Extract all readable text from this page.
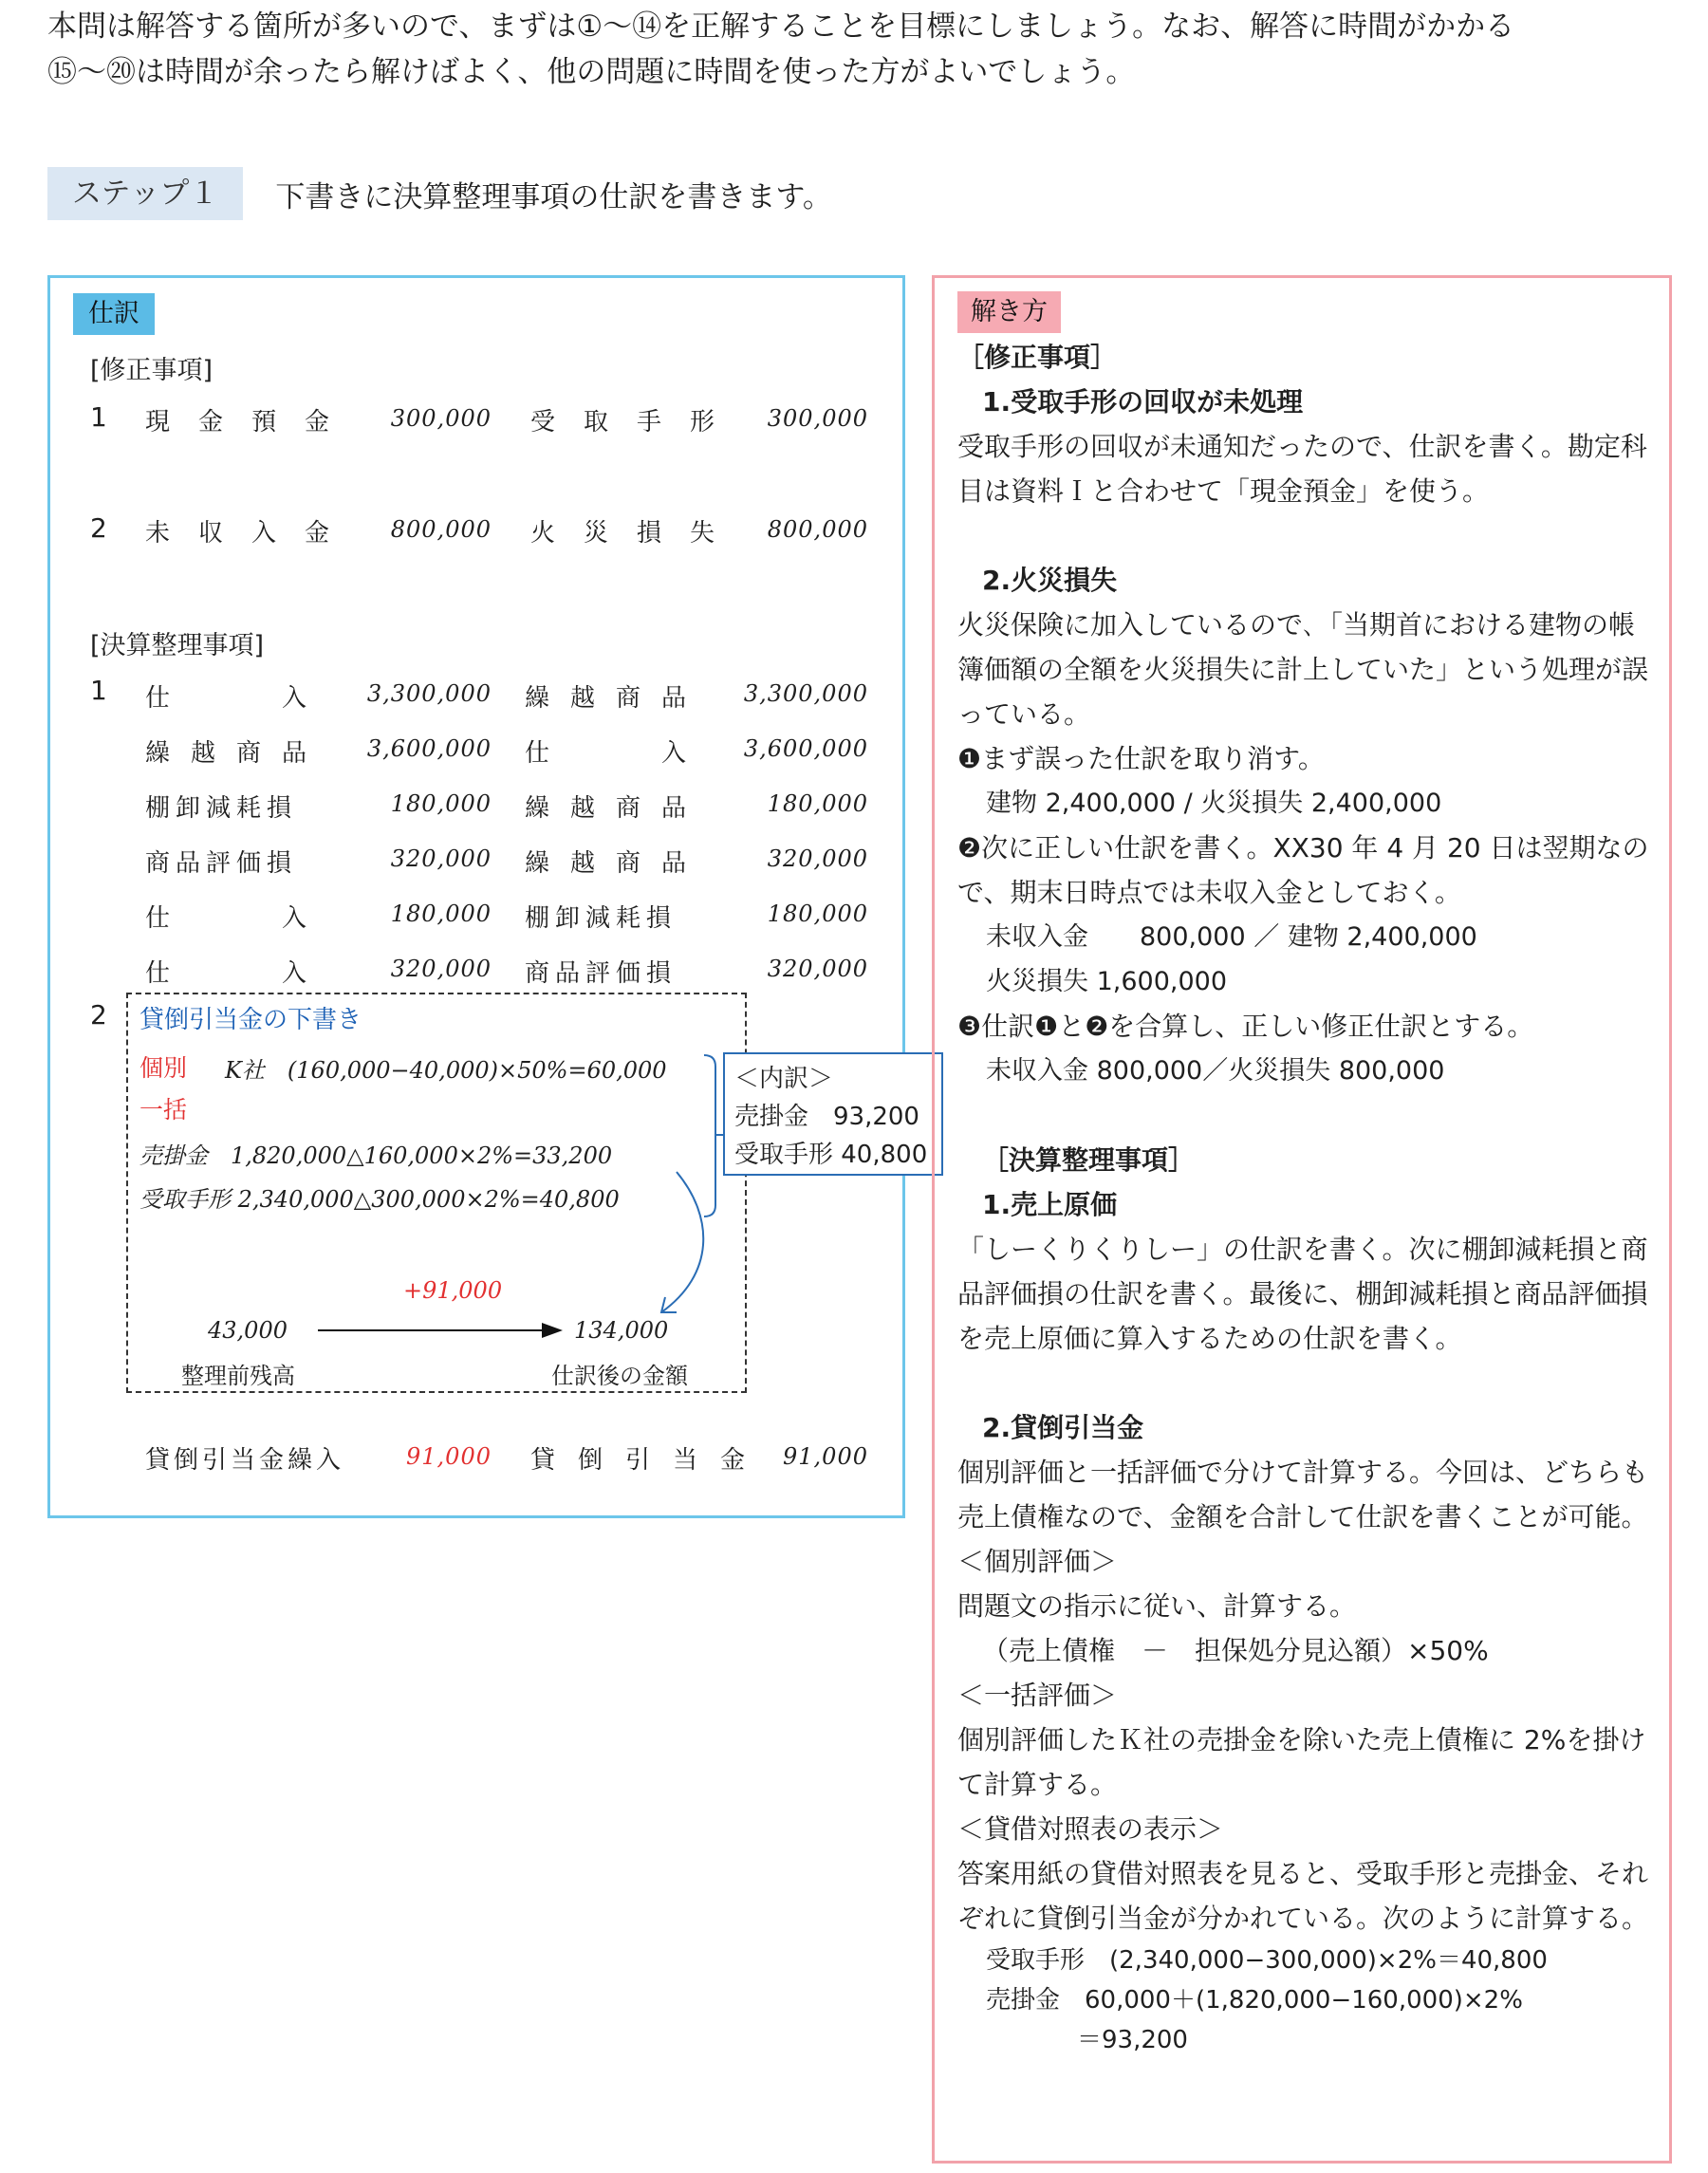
本問は解答する箇所が多いので、まずは①〜⑭を正解することを目標にしましょう。なお、解答に時間がかかる
⑮〜⑳は時間が余ったら解けばよく、他の問題に時間を使った方がよいでしょう。
ステップ１	下書きに決算整理事項の仕訳を書きます。
仕訳
[修正事項]
1 現金預金	300,000 受取手形	300,000
2 未収入金	800,000 火災損失	800,000
[決算整理事項]
1 仕　　　入	3,300,000 繰越商品	3,300,000
繰越商品	3,600,000 仕　　　入	3,600,000
棚卸減耗損	180,000 繰越商品	180,000
商品評価損	320,000 繰越商品	320,000
仕　　　入	180,000 棚卸減耗損	180,000
仕　　　入	320,000 商品評価損	320,000
2 貸倒引当金の下書き
個別 K社　(160,000−40,000)×50%=60,000
一括
売掛金　1,820,000△160,000×2%=33,200
受取手形 2,340,000△300,000×2%=40,800
+91,000
43,000	134,000
整理前残高	仕訳後の金額
＜内訳＞
売掛金　93,200
受取手形 40,800
貸倒引当金繰入	91,000 貸倒引当金 91,000
解き方
［修正事項］
1.受取手形の回収が未処理
受取手形の回収が未通知だったので、仕訳を書く。勘定科目は資料Ｉと合わせて「現金預金」を使う。
2.火災損失
火災保険に加入しているので､「当期首における建物の帳簿価額の全額を火災損失に計上していた」という処理が誤っている。
❶まず誤った仕訳を取り消す。
建物 2,400,000 / 火災損失 2,400,000
❷次に正しい仕訳を書く。XX30 年 4 月 20 日は翌期なので、期末日時点では未収入金としておく。
未収入金　　800,000 ／ 建物 2,400,000
火災損失 1,600,000
❸仕訳❶と❷を合算し、正しい修正仕訳とする。
未収入金 800,000／火災損失 800,000
［決算整理事項］
1.売上原価
「しーくりくりしー」の仕訳を書く。次に棚卸減耗損と商品評価損の仕訳を書く。最後に、棚卸減耗損と商品評価損を売上原価に算入するための仕訳を書く。
2.貸倒引当金
個別評価と一括評価で分けて計算する。今回は、どちらも売上債権なので、金額を合計して仕訳を書くことが可能。
＜個別評価＞
問題文の指示に従い、計算する。
（売上債権　－　担保処分見込額）×50%
＜一括評価＞
個別評価したＫ社の売掛金を除いた売上債権に 2%を掛けて計算する。
＜貸借対照表の表示＞
答案用紙の貸借対照表を見ると、受取手形と売掛金、それぞれに貸倒引当金が分かれている。次のように計算する。
受取手形　(2,340,000−300,000)×2%＝40,800
売掛金　60,000＋(1,820,000−160,000)×2%
＝93,200
